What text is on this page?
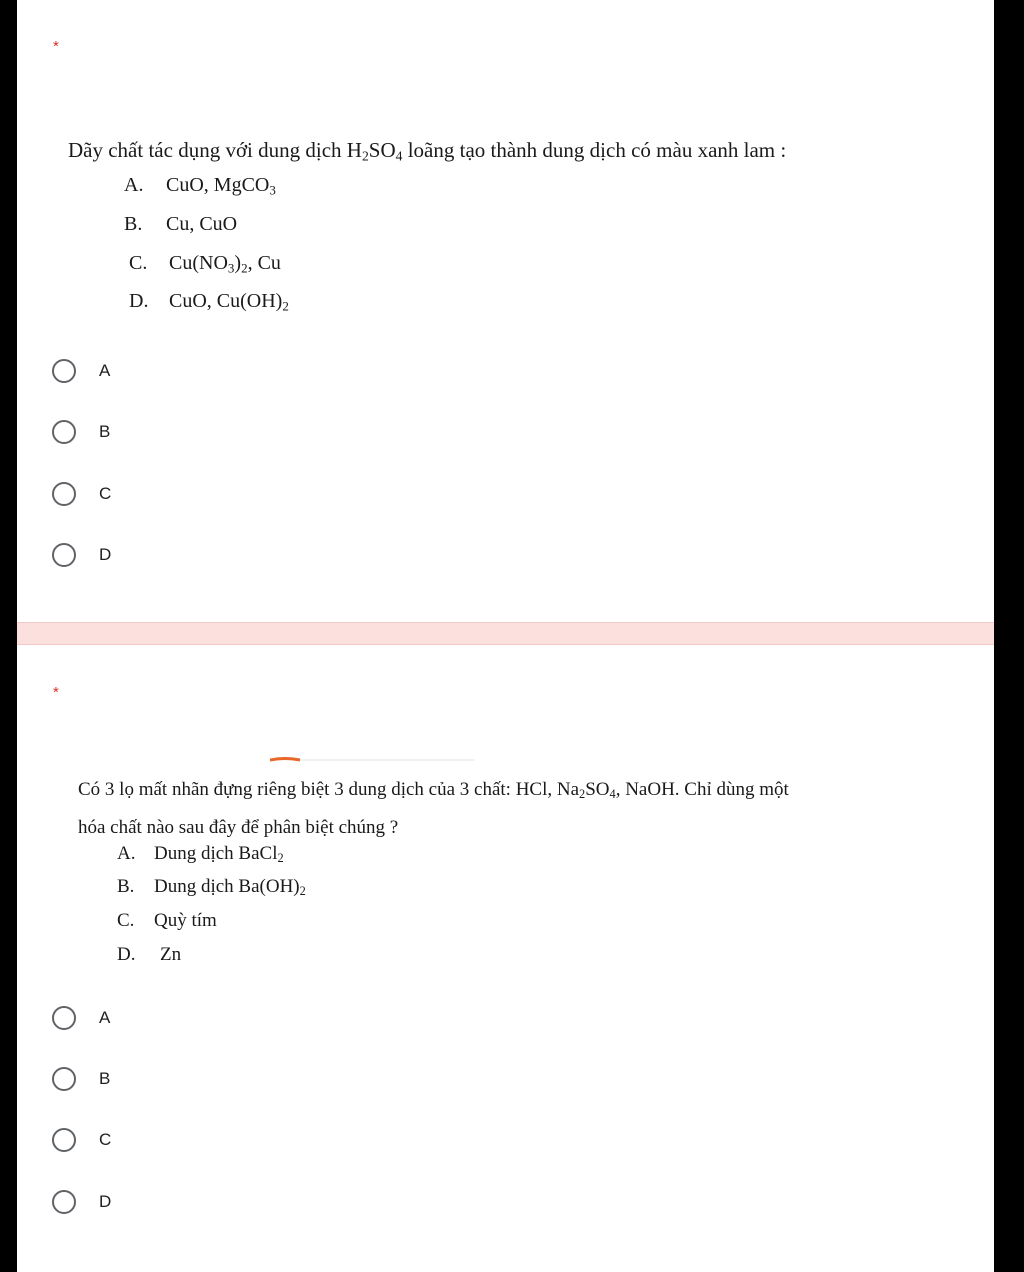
*
Dãy chất tác dụng với dung dịch $H_2SO_4$ loãng tạo thành dung dịch có màu xanh lam :
A. CuO, MgCO$_3$
B. Cu, CuO
C. $Cu(NO_3)_2$, Cu
D. CuO, $Cu(OH)_2$
A
B
C
D
*
Có 3 lọ mất nhãn đựng riêng biệt 3 dung dịch của 3 chất: HCl, $Na_2SO_4$, NaOH. Chỉ dùng một
hóa chất nào sau đây để phân biệt chúng ?
A. Dung dịch BaCl$_2$
B. Dung dịch $Ba(OH)_2$
C. Quỳ tím
D. Zn
A
B
C
D
